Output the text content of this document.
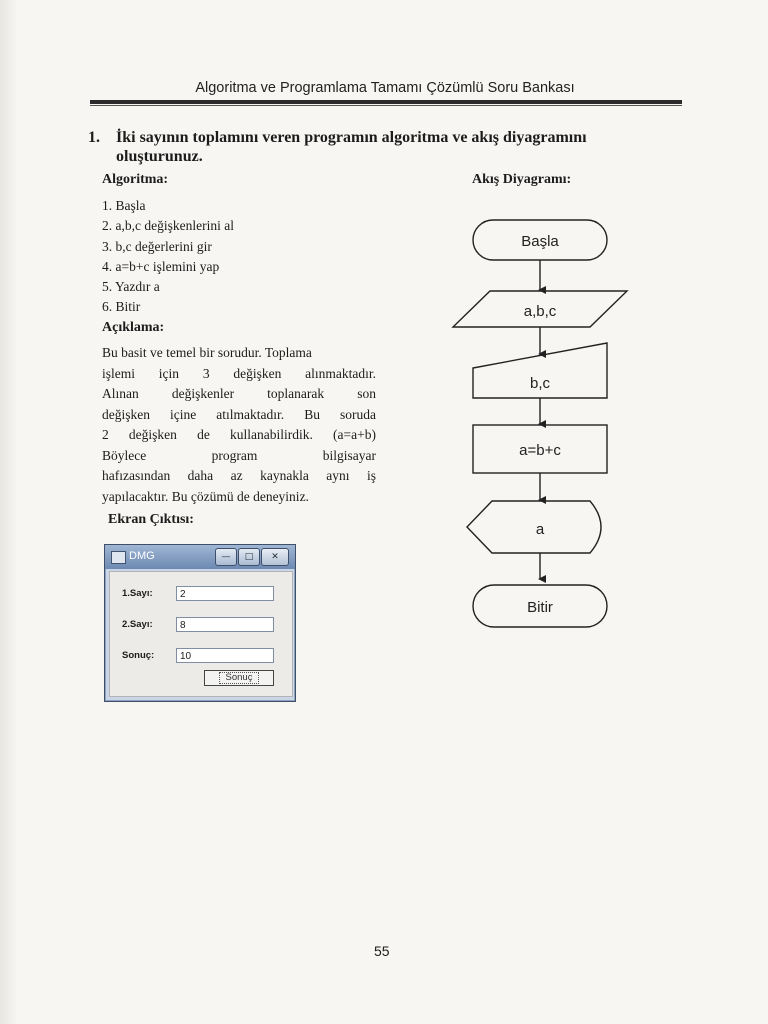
Algoritma ve Programlama Tamamı Çözümlü Soru Bankası
1. İki sayının toplamını veren programın algoritma ve akış diyagramını
oluşturunuz.
Algoritma:	Akış Diyagramı:
1. Başla
2. a,b,c değişkenlerini al
3. b,c değerlerini gir
4. a=b+c işlemini yap
5. Yazdır a
6. Bitir
Açıklama:
Bu basit ve temel bir sorudur. Toplama
işlemi için 3 değişken alınmaktadır.
Alınan değişkenler toplanarak son
değişken içine atılmaktadır. Bu soruda
2 değişken de kullanabilirdik. (a=a+b)
Böylece program bilgisayar
hafızasından daha az kaynakla aynı iş
yapılacaktır. Bu çözümü de deneyiniz.
Ekran Çıktısı:
DMG	—	□	✕
1.Sayı:	2
2.Sayı:	8
Sonuç:	10
Sonuç
Başla
a,b,c
b,c
a=b+c
a
Bitir
55
